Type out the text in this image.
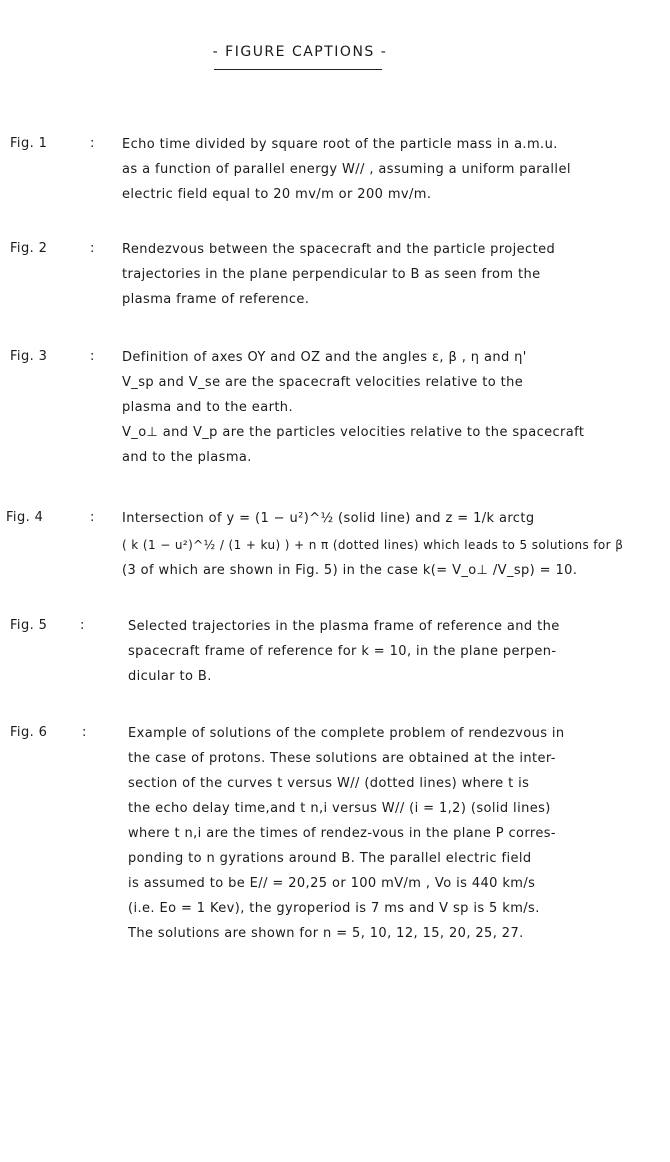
- FIGURE CAPTIONS -
Fig. 1	: Echo time divided by square root of the particle mass in a.m.u.
as a function of parallel energy W// , assuming a uniform parallel
electric field equal to 20 mv/m or 200 mv/m.
Fig. 2	: Rendezvous between the spacecraft and the particle projected
trajectories in the plane perpendicular to B as seen from the
plasma frame of reference.
Fig. 3	: Definition of axes OY and OZ and the angles ε, β , η and η'
V_sp and V_se are the spacecraft velocities relative to the
plasma and to the earth.
V_o⊥ and V_p are the particles velocities relative to the spacecraft
and to the plasma.
Fig. 4	: Intersection of y = (1 − u²)^½ (solid line) and z = 1/k arctg
( k (1 − u²)^½ / (1 + ku) ) + n π (dotted lines) which leads to 5 solutions for β
(3 of which are shown in Fig. 5) in the case k(= V_o⊥ /V_sp) = 10.
Fig. 5	:	Selected trajectories in the plasma frame of reference and the
spacecraft frame of reference for k = 10, in the plane perpen-
dicular to B.
Fig. 6	:	Example of solutions of the complete problem of rendezvous in
the case of protons. These solutions are obtained at the inter-
section of the curves t versus W// (dotted lines) where t is
the echo delay time,and t n,i versus W// (i = 1,2) (solid lines)
where t n,i are the times of rendez-vous in the plane P corres-
ponding to n gyrations around B. The parallel electric field
is assumed to be E// = 20,25 or 100 mV/m , Vo is 440 km/s
(i.e. Eo = 1 Kev), the gyroperiod is 7 ms and V sp is 5 km/s.
The solutions are shown for n = 5, 10, 12, 15, 20, 25, 27.
